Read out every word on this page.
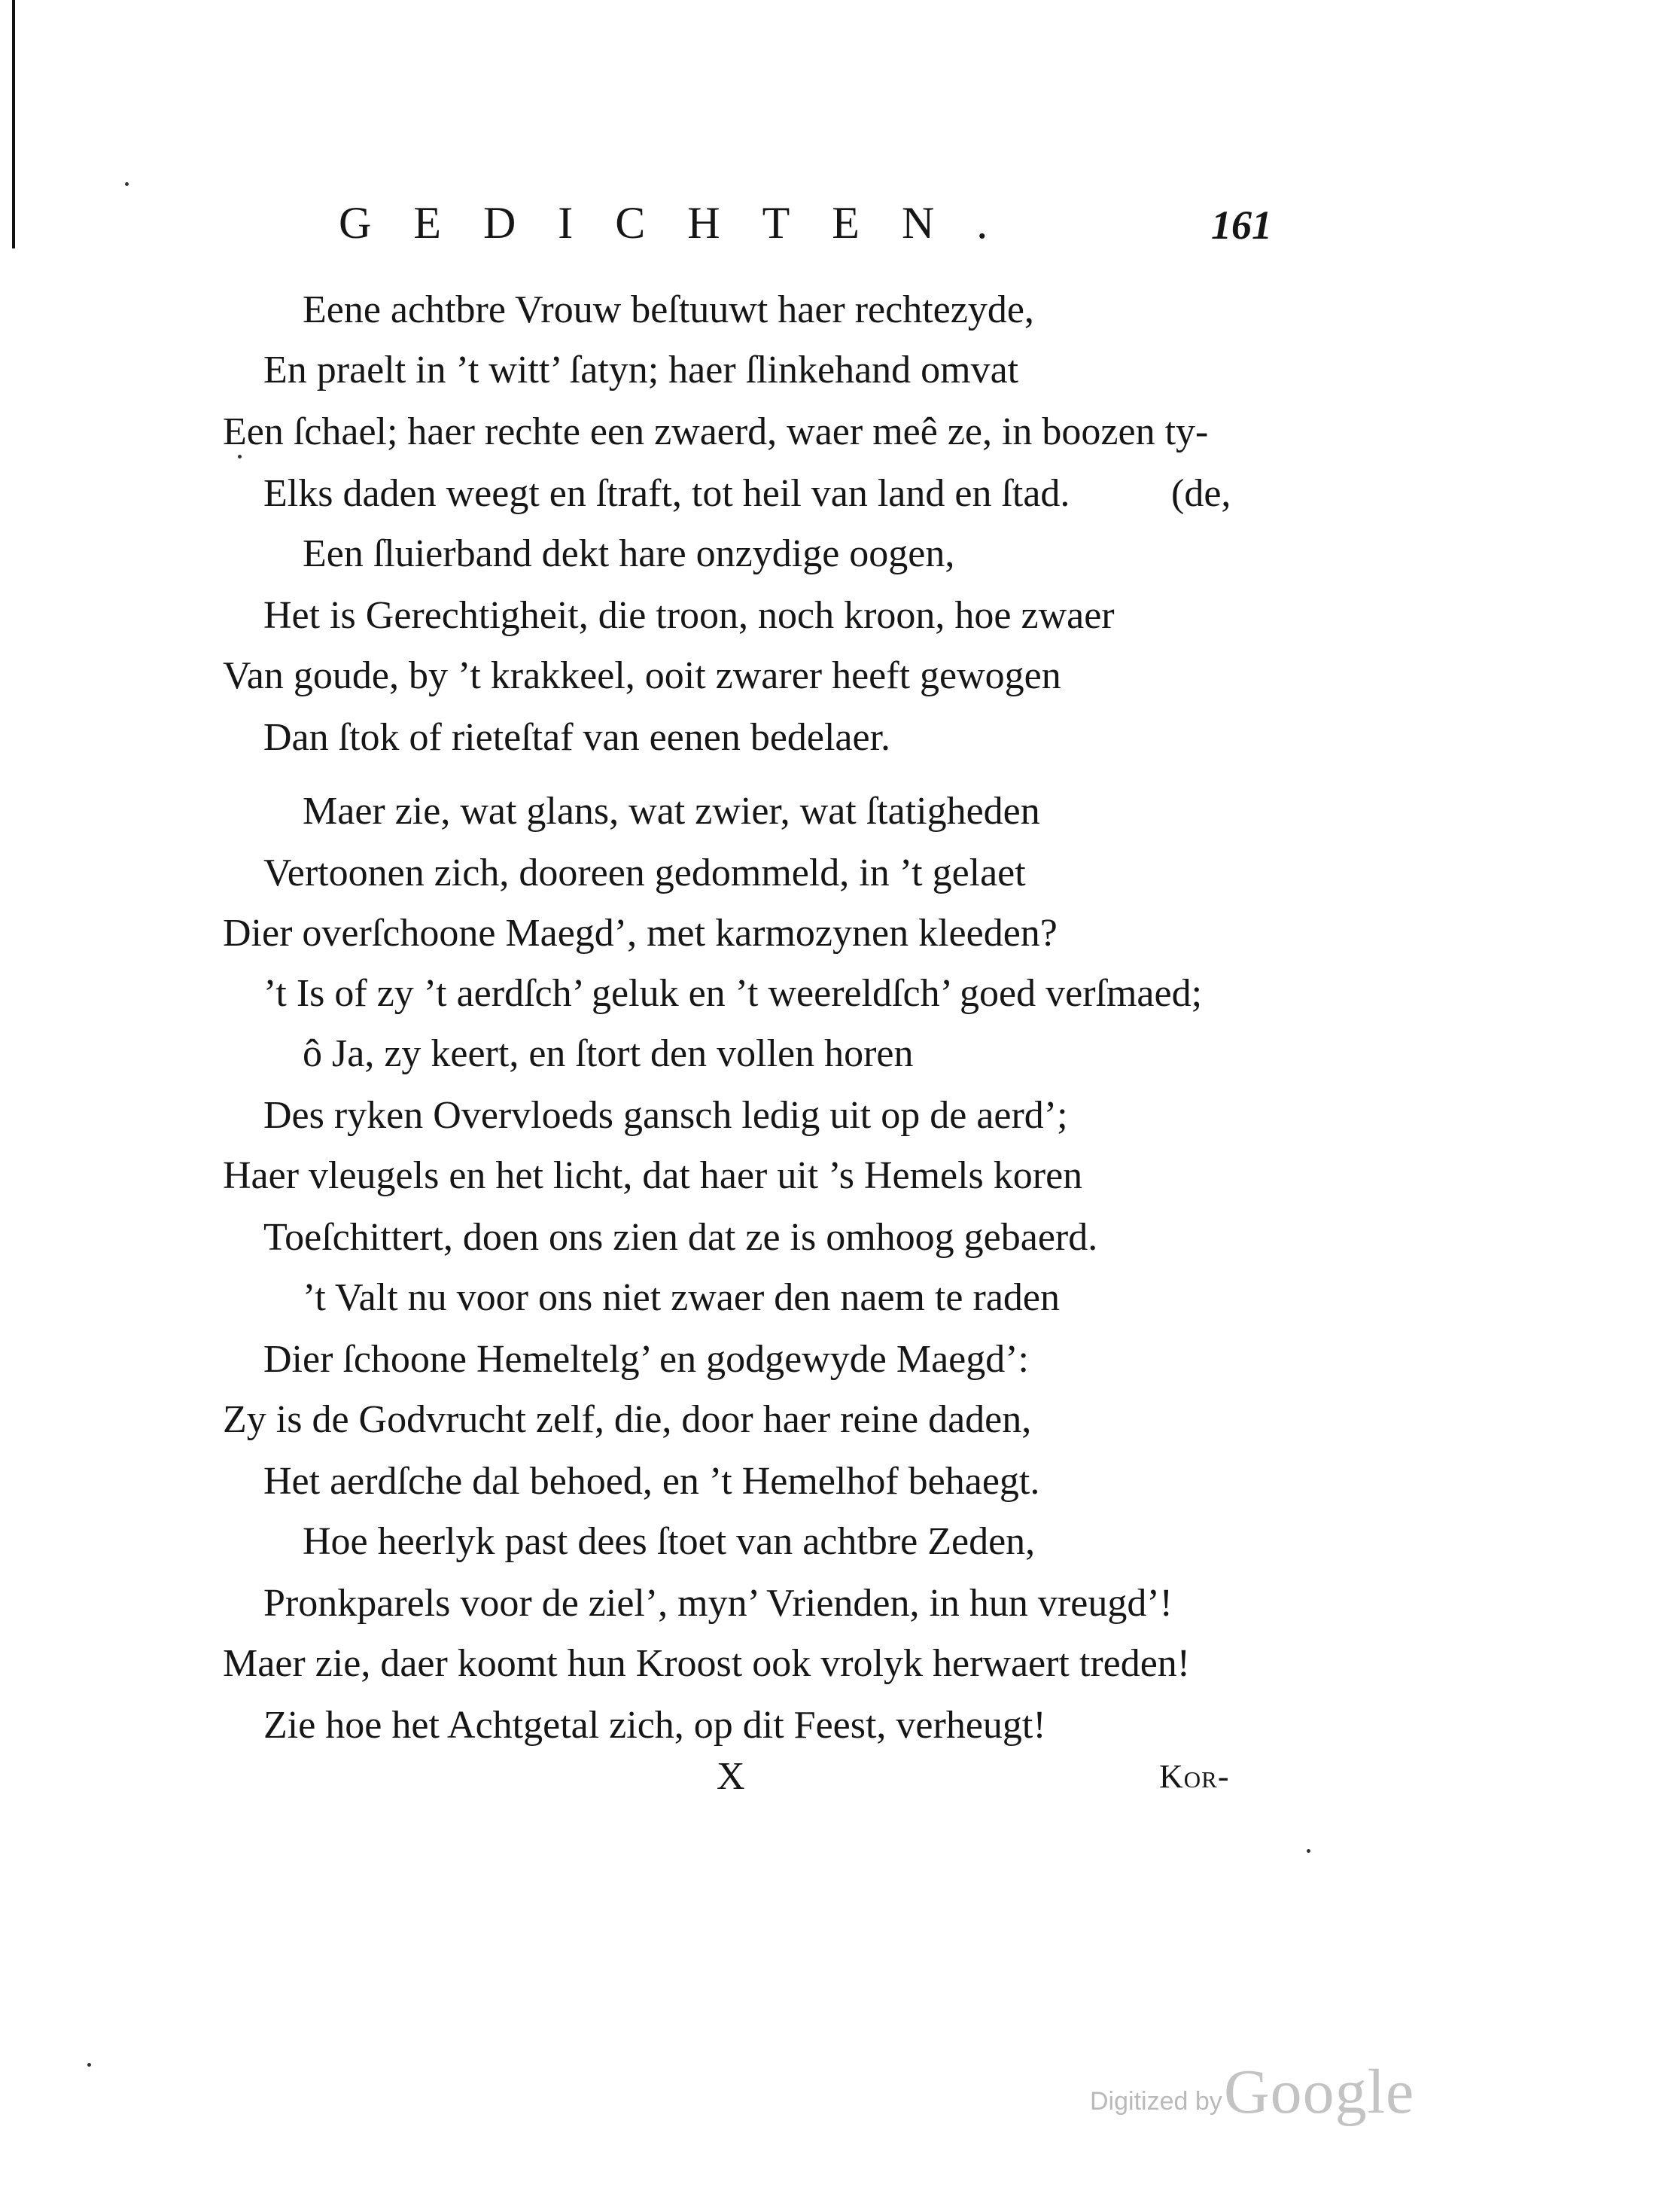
GEDICHTEN.	161
Eene achtbre Vrouw beſtuuwt haer rechtezyde,
En praelt in ’t witt’ ſatyn; haer ſlinkehand omvat
Een ſchael; haer rechte een zwaerd, waer meê ze, in boozen ty-
Elks daden weegt en ſtraft, tot heil van land en ſtad.	(de,
Een ſluierband dekt hare onzydige oogen,
Het is Gerechtigheit, die troon, noch kroon, hoe zwaer
Van goude, by ’t krakkeel, ooit zwarer heeft gewogen
Dan ſtok of rieteſtaf van eenen bedelaer.
Maer zie, wat glans, wat zwier, wat ſtatigheden
Vertoonen zich, dooreen gedommeld, in ’t gelaet
Dier overſchoone Maegd’, met karmozynen kleeden?
’t Is of zy ’t aerdſch’ geluk en ’t weereldſch’ goed verſmaed;
ô Ja, zy keert, en ſtort den vollen horen
Des ryken Overvloeds gansch ledig uit op de aerd’;
Haer vleugels en het licht, dat haer uit ’s Hemels koren
Toeſchittert, doen ons zien dat ze is omhoog gebaerd.
’t Valt nu voor ons niet zwaer den naem te raden
Dier ſchoone Hemeltelg’ en godgewyde Maegd’:
Zy is de Godvrucht zelf, die, door haer reine daden,
Het aerdſche dal behoed, en ’t Hemelhof behaegt.
Hoe heerlyk past dees ſtoet van achtbre Zeden,
Pronkparels voor de ziel’, myn’ Vrienden, in hun vreugd’!
Maer zie, daer koomt hun Kroost ook vrolyk herwaert treden!
Zie hoe het Achtgetal zich, op dit Feest, verheugt!
X	Kor-
Digitized by Google
